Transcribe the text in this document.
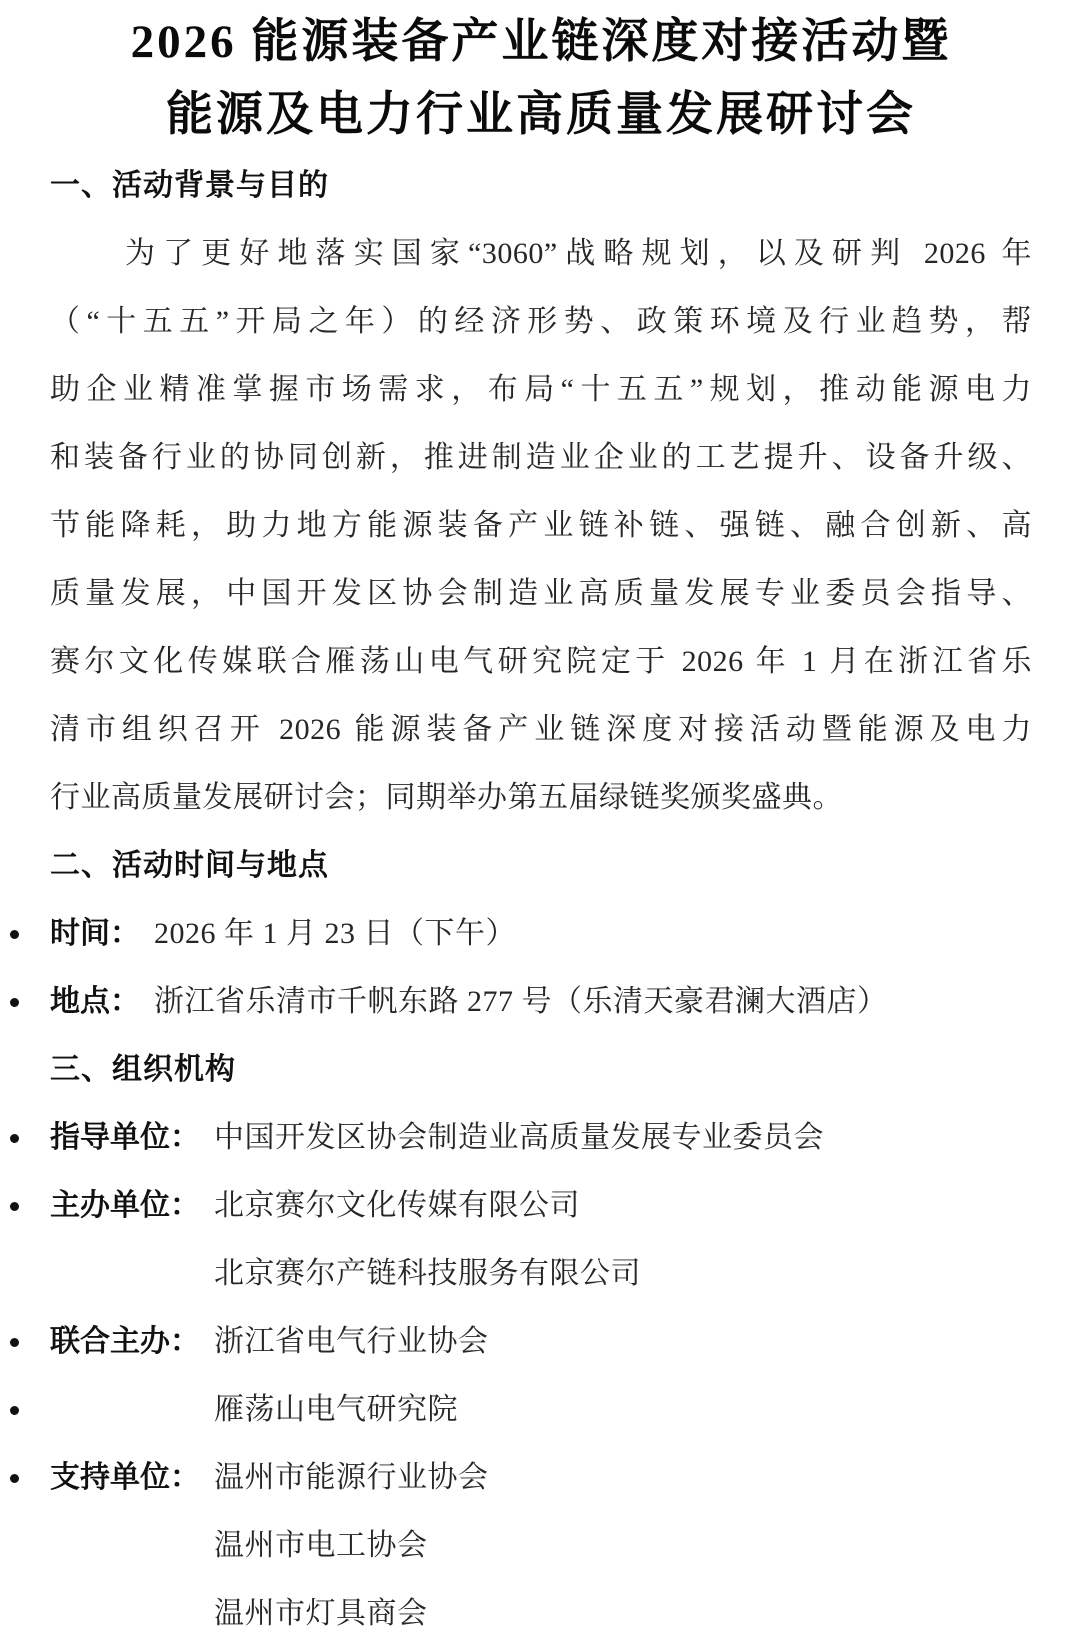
2026 能源装备产业链深度对接活动暨
能源及电力行业高质量发展研讨会
一、活动背景与目的
为了更好地落实国家“3060”战略规划，以及研判 2026 年
（“十五五”开局之年）的经济形势、政策环境及行业趋势，帮
助企业精准掌握市场需求，布局“十五五”规划，推动能源电力
和装备行业的协同创新，推进制造业企业的工艺提升、设备升级、
节能降耗，助力地方能源装备产业链补链、强链、融合创新、高
质量发展，中国开发区协会制造业高质量发展专业委员会指导、
赛尔文化传媒联合雁荡山电气研究院定于 2026 年 1 月在浙江省乐
清市组织召开 2026 能源装备产业链深度对接活动暨能源及电力
行业高质量发展研讨会；同期举办第五届绿链奖颁奖盛典。
二、活动时间与地点
时间： 2026 年 1 月 23 日（下午）
地点： 浙江省乐清市千帆东路 277 号（乐清天豪君澜大酒店）
三、组织机构
指导单位： 中国开发区协会制造业高质量发展专业委员会
主办单位： 北京赛尔文化传媒有限公司
北京赛尔产链科技服务有限公司
联合主办： 浙江省电气行业协会
雁荡山电气研究院
支持单位： 温州市能源行业协会
温州市电工协会
温州市灯具商会
